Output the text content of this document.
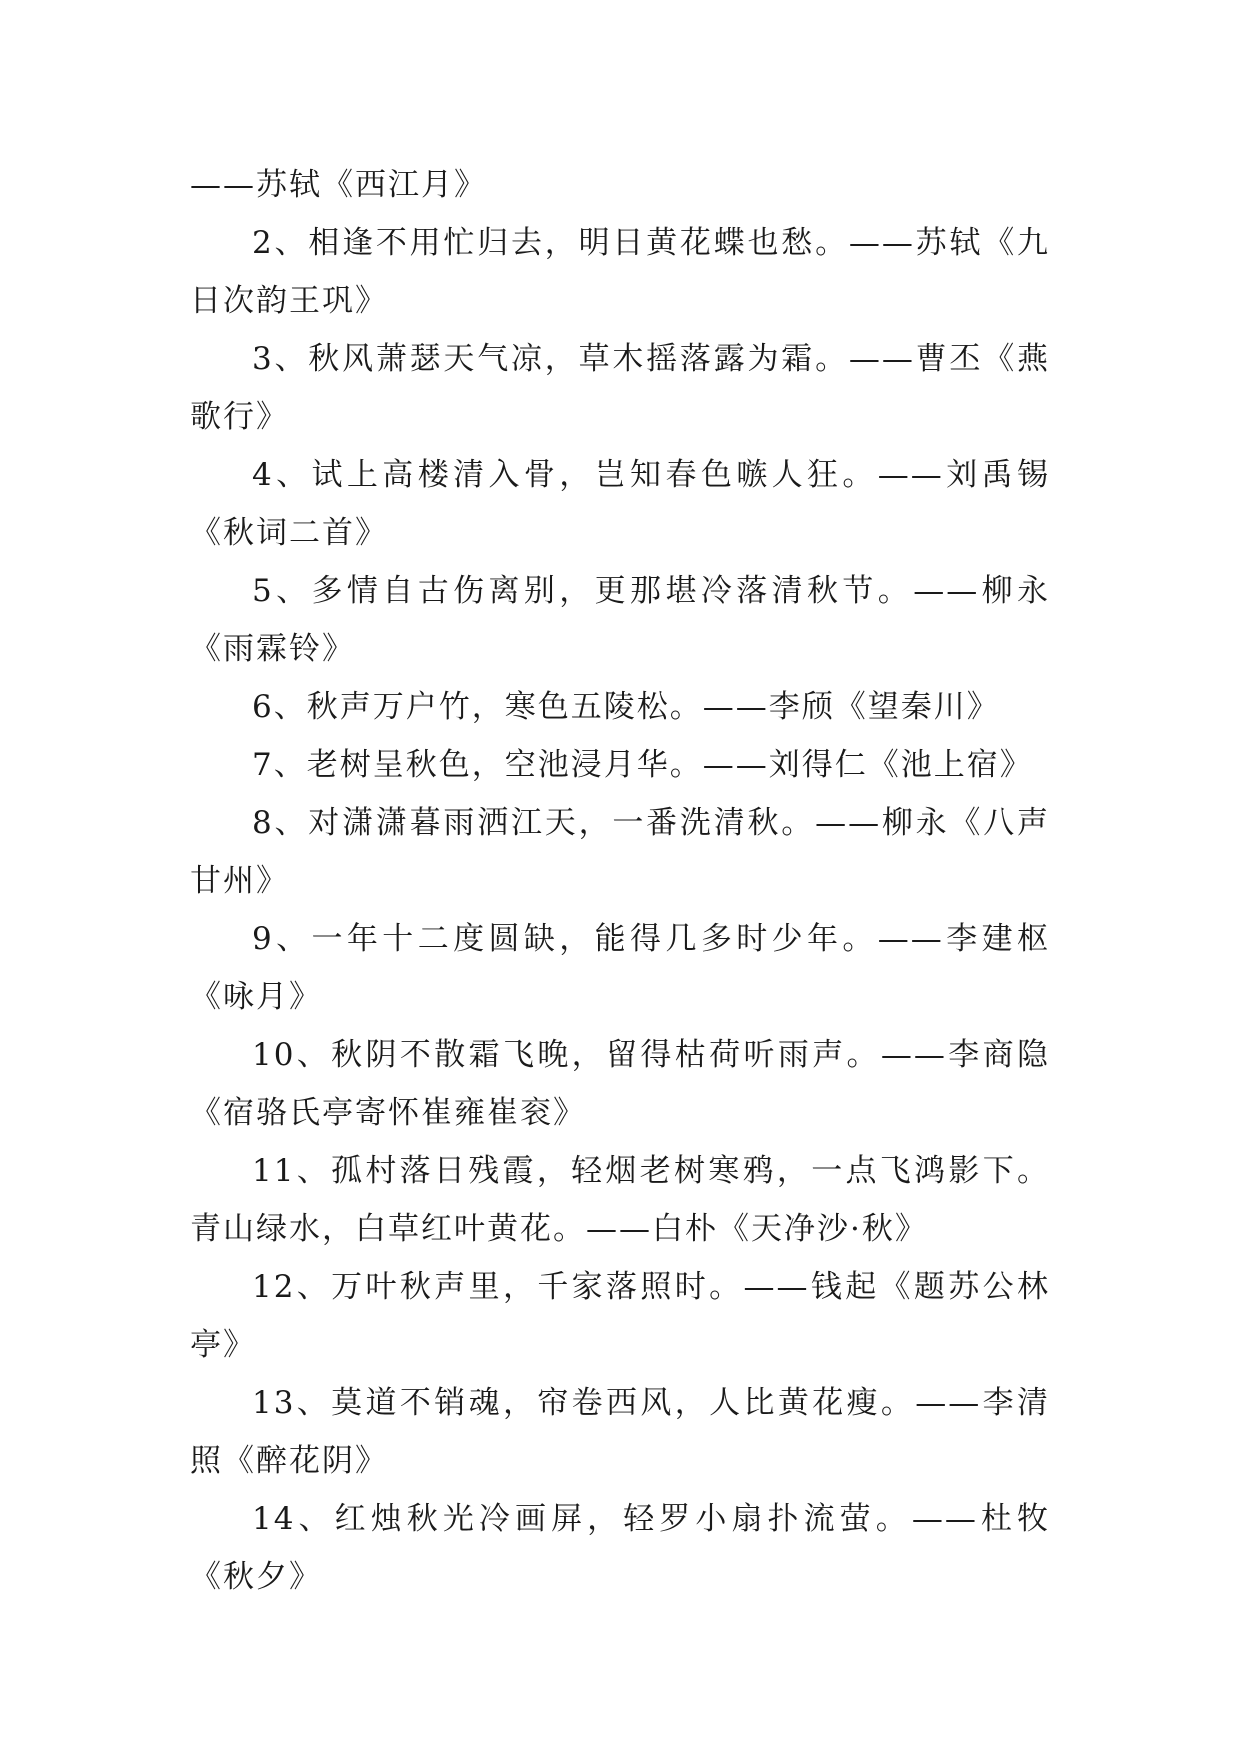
——苏轼《西江月》

2、相逢不用忙归去，明日黄花蝶也愁。——苏轼《九日次韵王巩》

3、秋风萧瑟天气凉，草木摇落露为霜。——曹丕《燕歌行》

4、试上高楼清入骨，岂知春色嗾人狂。——刘禹锡《秋词二首》

5、多情自古伤离别，更那堪冷落清秋节。——柳永《雨霖铃》

6、秋声万户竹，寒色五陵松。——李颀《望秦川》

7、老树呈秋色，空池浸月华。——刘得仁《池上宿》

8、对潇潇暮雨洒江天，一番洗清秋。——柳永《八声甘州》

9、一年十二度圆缺，能得几多时少年。——李建枢《咏月》

10、秋阴不散霜飞晚，留得枯荷听雨声。——李商隐《宿骆氏亭寄怀崔雍崔衮》

11、孤村落日残霞，轻烟老树寒鸦，一点飞鸿影下。青山绿水，白草红叶黄花。——白朴《天净沙·秋》

12、万叶秋声里，千家落照时。——钱起《题苏公林亭》

13、莫道不销魂，帘卷西风，人比黄花瘦。——李清照《醉花阴》

14、红烛秋光冷画屏，轻罗小扇扑流萤。——杜牧《秋夕》
